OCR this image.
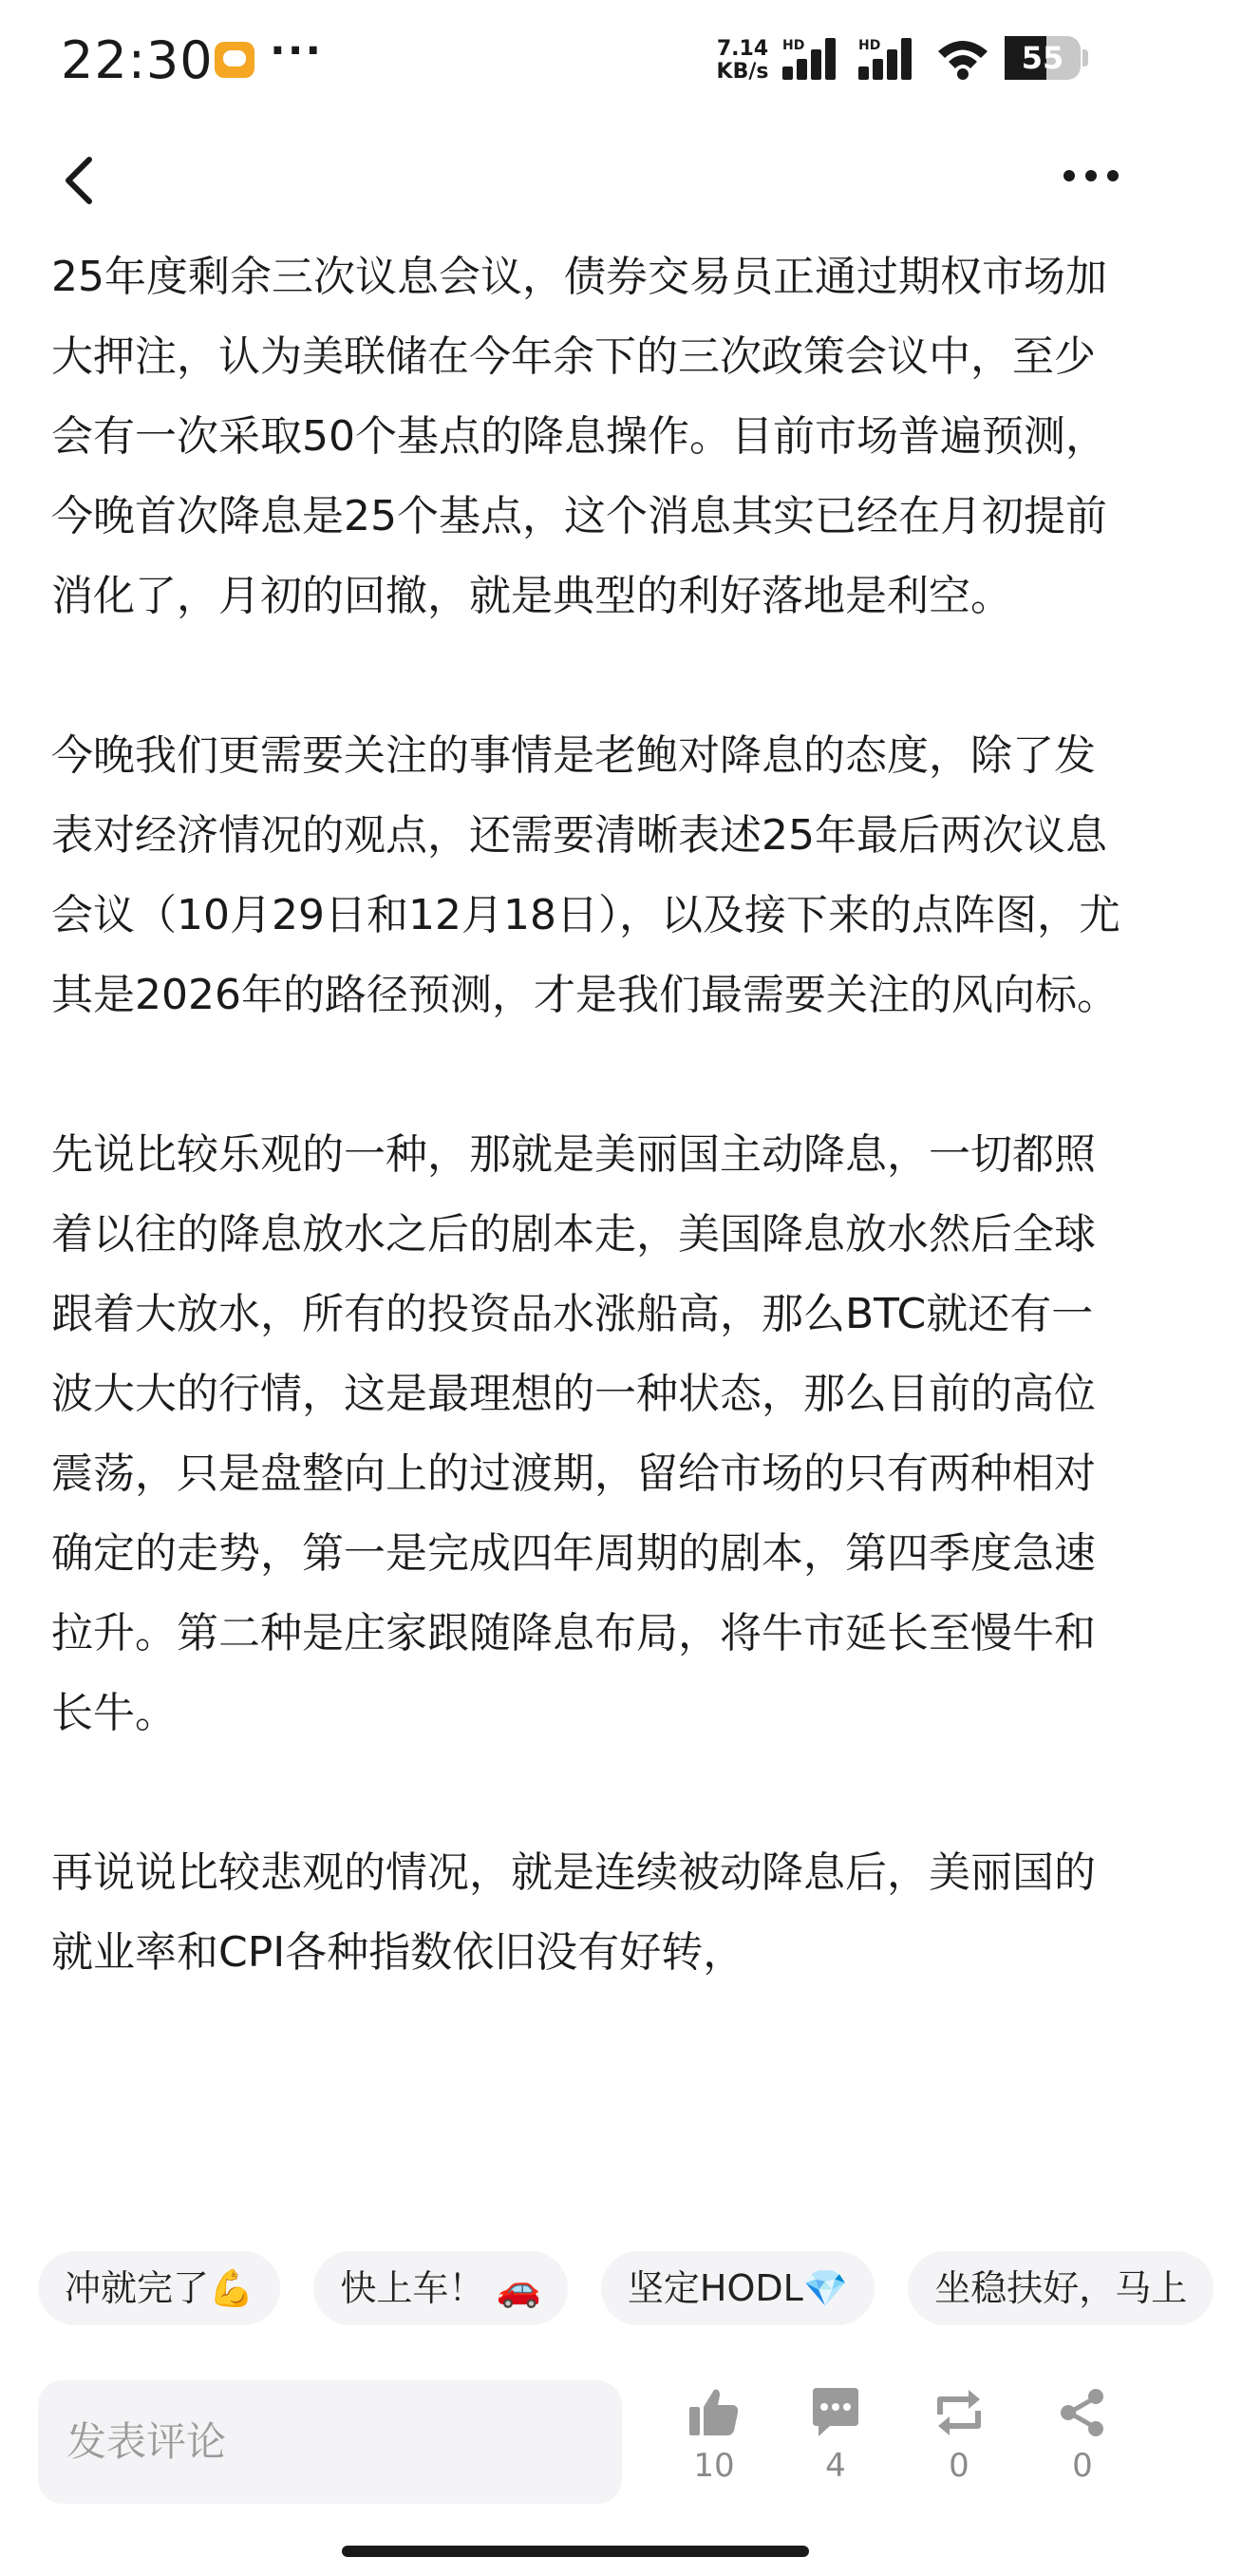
22:30 ···	7.14
KB/s
HD	HD	55

25年度剩余三次议息会议，债券交易员正通过期权市场加大押注，认为美联储在今年余下的三次政策会议中，至少会有一次采取50个基点的降息操作。目前市场普遍预测，今晚首次降息是25个基点，这个消息其实已经在月初提前消化了，月初的回撤，就是典型的利好落地是利空。

今晚我们更需要关注的事情是老鲍对降息的态度，除了发表对经济情况的观点，还需要清晰表述25年最后两次议息会议（10月29日和12月18日），以及接下来的点阵图，尤其是2026年的路径预测，才是我们最需要关注的风向标。

先说比较乐观的一种，那就是美丽国主动降息，一切都照着以往的降息放水之后的剧本走，美国降息放水然后全球跟着大放水，所有的投资品水涨船高，那么BTC就还有一波大大的行情，这是最理想的一种状态，那么目前的高位震荡，只是盘整向上的过渡期，留给市场的只有两种相对确定的走势，第一是完成四年周期的剧本，第四季度急速拉升。第二种是庄家跟随降息布局，将牛市延长至慢牛和长牛。

再说说比较悲观的情况，就是连续被动降息后，美丽国的就业率和CPI各种指数依旧没有好转，

冲就完了💪 快上车！ 🚗 坚定HODL💎 坐稳扶好，马上
发表评论
10	4	0	0
